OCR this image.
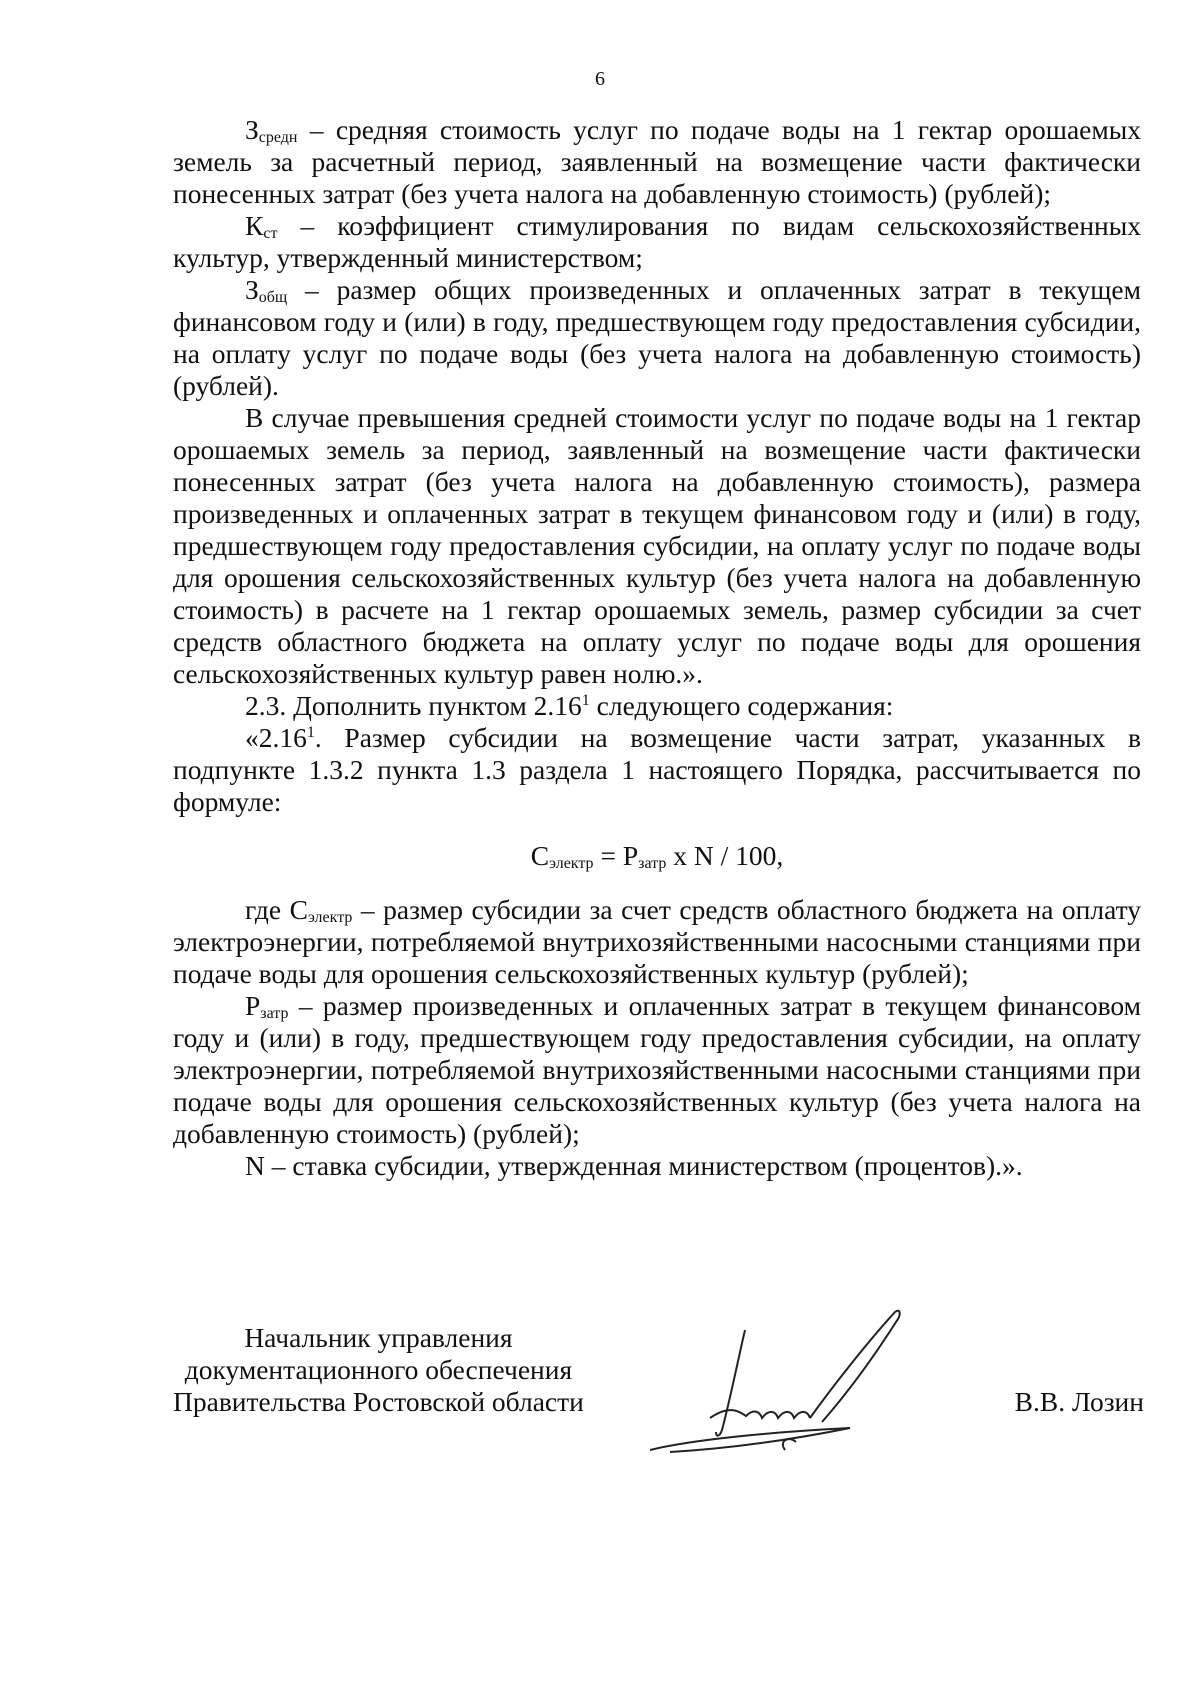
6

$З_{средн}$ – средняя стоимость услуг по подаче воды на 1 гектар орошаемых земель за расчетный период, заявленный на возмещение части фактически понесенных затрат (без учета налога на добавленную стоимость) (рублей);

$К_{ст}$ – коэффициент стимулирования по видам сельскохозяйственных культур, утвержденный министерством;

$З_{общ}$ – размер общих произведенных и оплаченных затрат в текущем финансовом году и (или) в году, предшествующем году предоставления субсидии, на оплату услуг по подаче воды (без учета налога на добавленную стоимость) (рублей).

В случае превышения средней стоимости услуг по подаче воды на 1 гектар орошаемых земель за период, заявленный на возмещение части фактически понесенных затрат (без учета налога на добавленную стоимость), размера произведенных и оплаченных затрат в текущем финансовом году и (или) в году, предшествующем году предоставления субсидии, на оплату услуг по подаче воды для орошения сельскохозяйственных культур (без учета налога на добавленную стоимость) в расчете на 1 гектар орошаемых земель, размер субсидии за счет средств областного бюджета на оплату услуг по подаче воды для орошения сельскохозяйственных культур равен нолю.».

2.3. Дополнить пунктом 2.16$^1$ следующего содержания:

«2.16$^1$. Размер субсидии на возмещение части затрат, указанных в подпункте 1.3.2 пункта 1.3 раздела 1 настоящего Порядка, рассчитывается по формуле:

$С_{электр} = Р_{затр}$ x N / 100,

где $С_{электр}$ – размер субсидии за счет средств областного бюджета на оплату электроэнергии, потребляемой внутрихозяйственными насосными станциями при подаче воды для орошения сельскохозяйственных культур (рублей);

$Р_{затр}$ – размер произведенных и оплаченных затрат в текущем финансовом году и (или) в году, предшествующем году предоставления субсидии, на оплату электроэнергии, потребляемой внутрихозяйственными насосными станциями при подаче воды для орошения сельскохозяйственных культур (без учета налога на добавленную стоимость) (рублей);

N – ставка субсидии, утвержденная министерством (процентов).».

Начальник управления
документационного обеспечения
Правительства Ростовской области	В.В. Лозин
